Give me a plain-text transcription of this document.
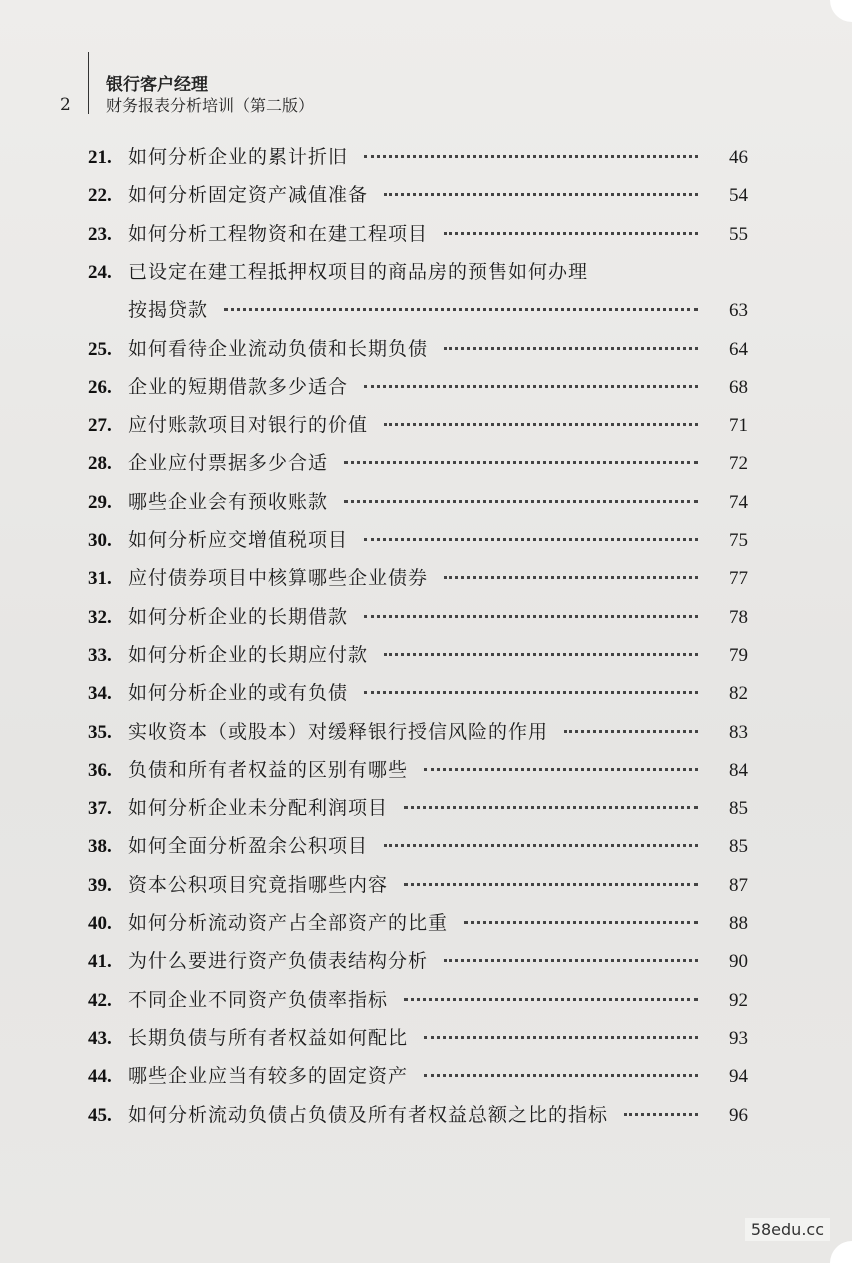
2
银行客户经理
财务报表分析培训（第二版）
21. 如何分析企业的累计折旧	46
22. 如何分析固定资产减值准备	54
23. 如何分析工程物资和在建工程项目	55
24. 已设定在建工程抵押权项目的商品房的预售如何办理
按揭贷款	63
25. 如何看待企业流动负债和长期负债	64
26. 企业的短期借款多少适合	68
27. 应付账款项目对银行的价值	71
28. 企业应付票据多少合适	72
29. 哪些企业会有预收账款	74
30. 如何分析应交增值税项目	75
31. 应付债券项目中核算哪些企业债券	77
32. 如何分析企业的长期借款	78
33. 如何分析企业的长期应付款	79
34. 如何分析企业的或有负债	82
35. 实收资本（或股本）对缓释银行授信风险的作用	83
36. 负债和所有者权益的区别有哪些	84
37. 如何分析企业未分配利润项目	85
38. 如何全面分析盈余公积项目	85
39. 资本公积项目究竟指哪些内容	87
40. 如何分析流动资产占全部资产的比重	88
41. 为什么要进行资产负债表结构分析	90
42. 不同企业不同资产负债率指标	92
43. 长期负债与所有者权益如何配比	93
44. 哪些企业应当有较多的固定资产	94
45. 如何分析流动负债占负债及所有者权益总额之比的指标	96
58edu.cc
